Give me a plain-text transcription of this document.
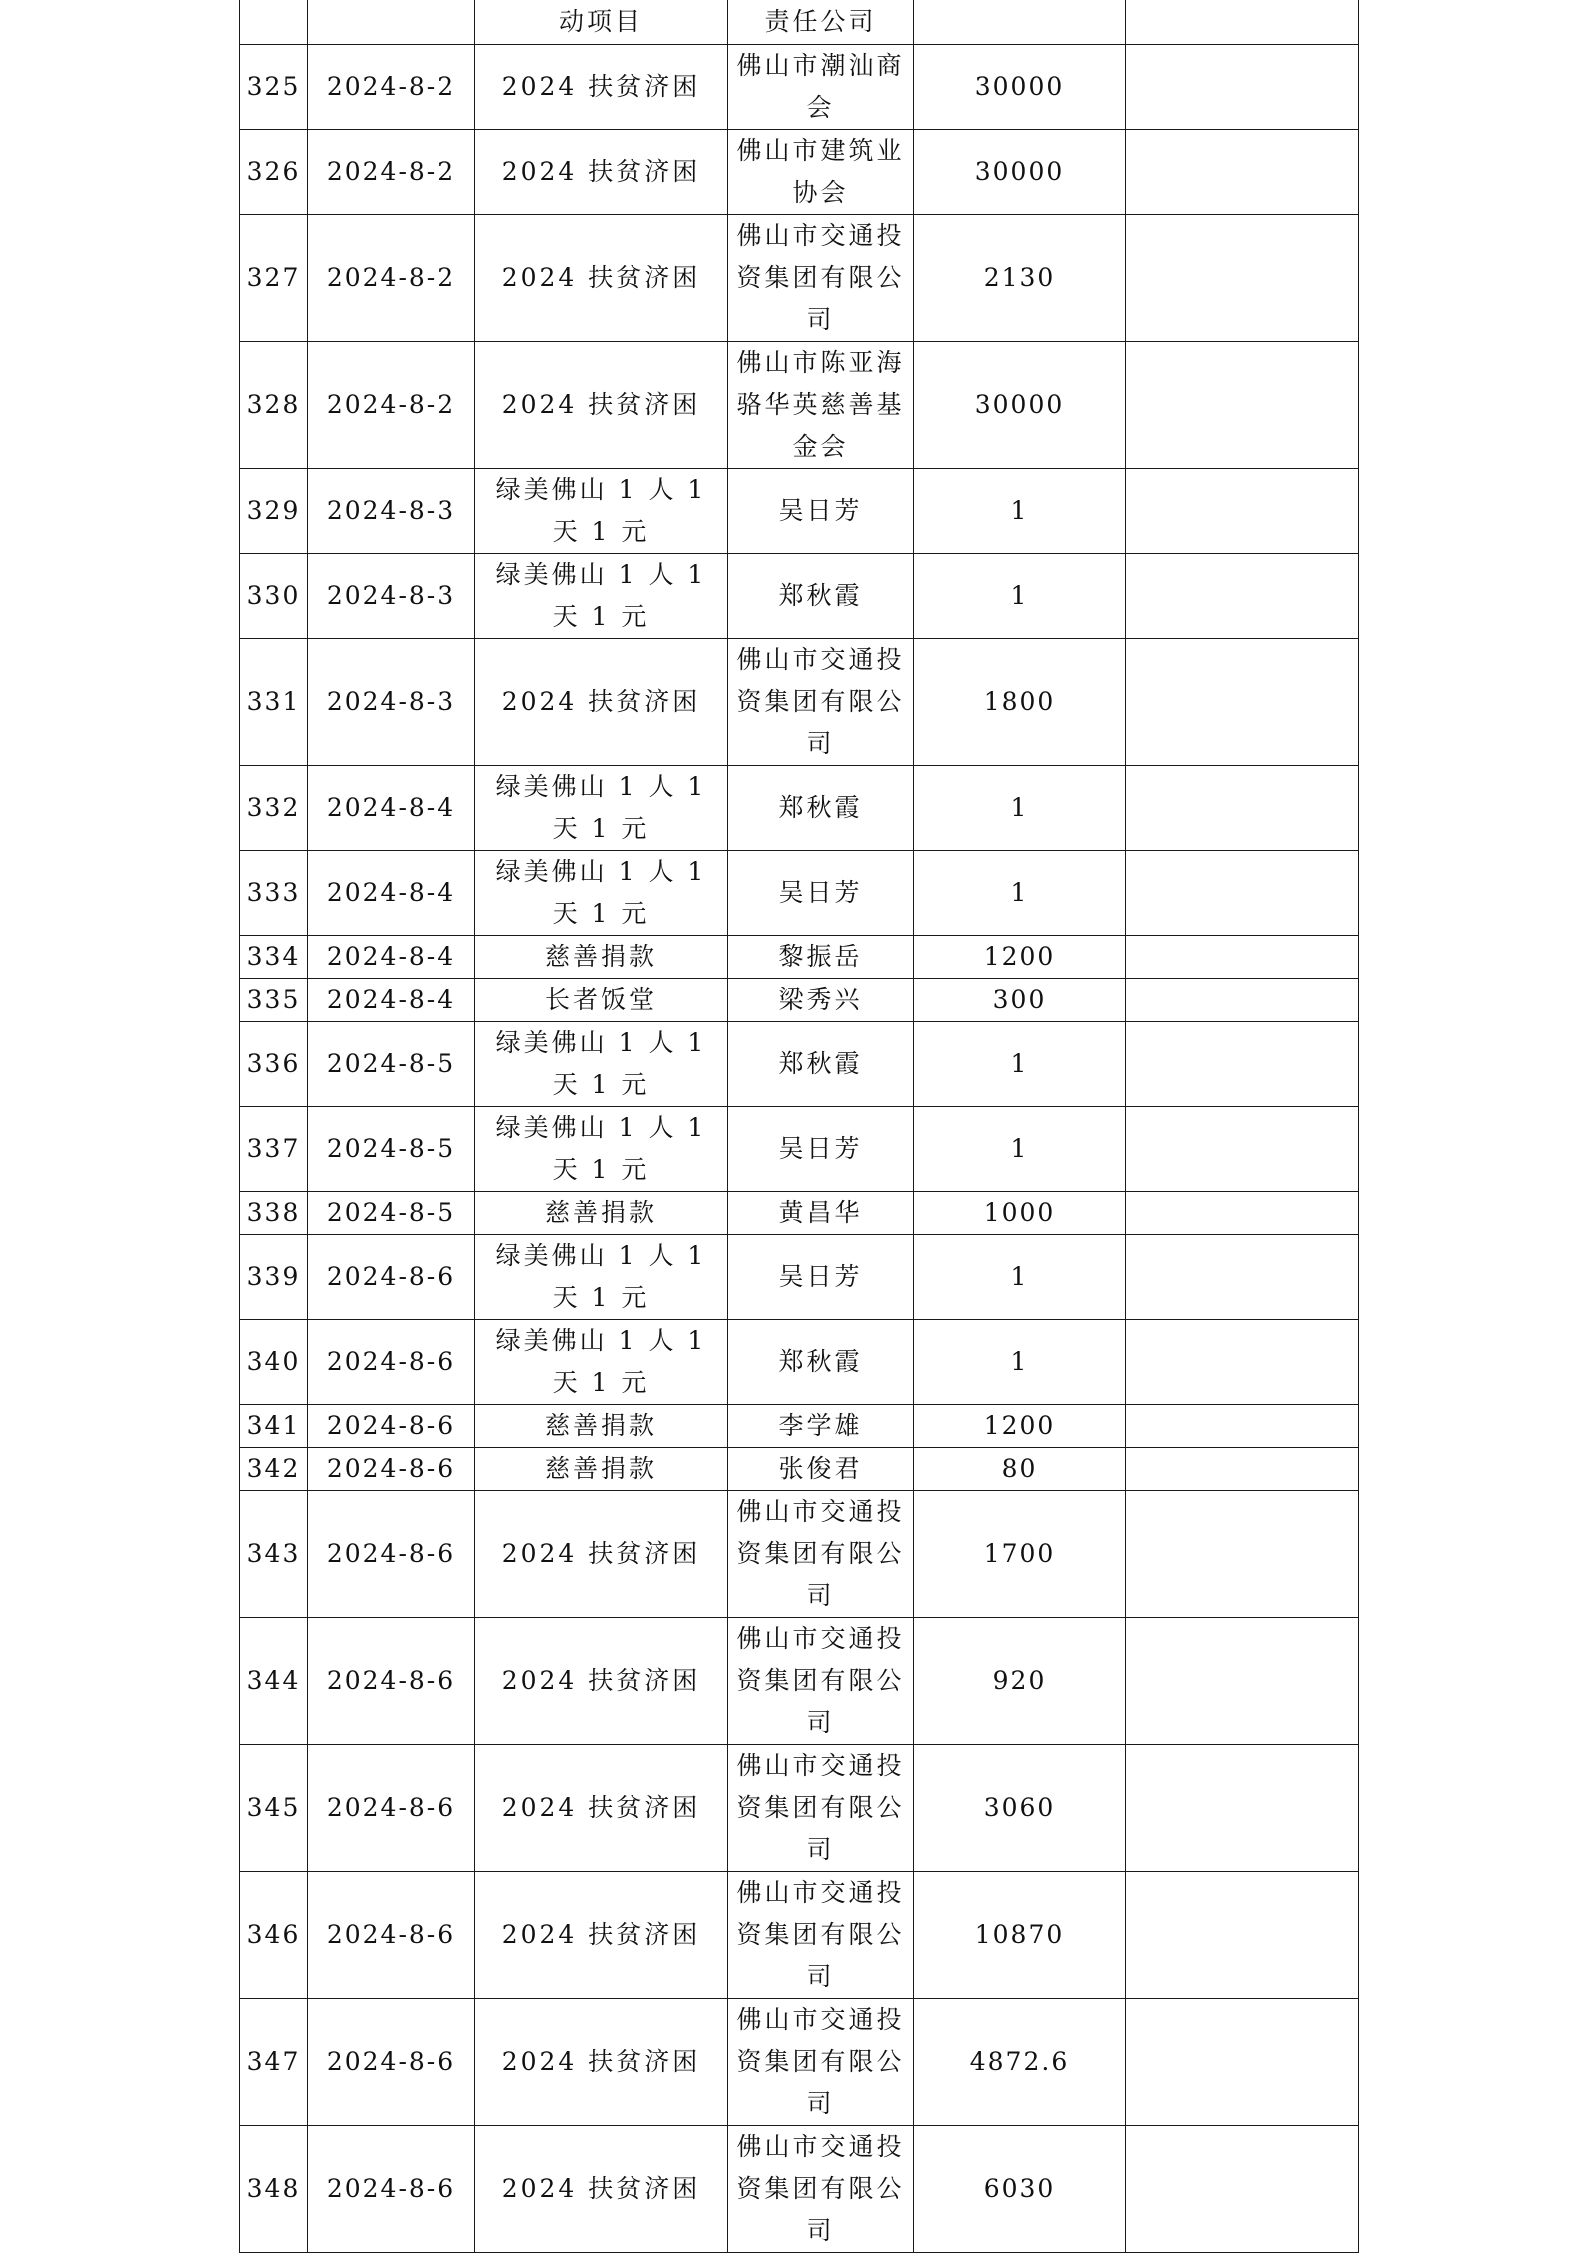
		动项目	责任公司		
325	2024-8-2	2024 扶贫济困	佛山市潮汕商会	30000	
326	2024-8-2	2024 扶贫济困	佛山市建筑业协会	30000	
327	2024-8-2	2024 扶贫济困	佛山市交通投资集团有限公司	2130	
328	2024-8-2	2024 扶贫济困	佛山市陈亚海骆华英慈善基金会	30000	
329	2024-8-3	绿美佛山 1 人 1 天 1 元	吴日芳	1	
330	2024-8-3	绿美佛山 1 人 1 天 1 元	郑秋霞	1	
331	2024-8-3	2024 扶贫济困	佛山市交通投资集团有限公司	1800	
332	2024-8-4	绿美佛山 1 人 1 天 1 元	郑秋霞	1	
333	2024-8-4	绿美佛山 1 人 1 天 1 元	吴日芳	1	
334	2024-8-4	慈善捐款	黎振岳	1200	
335	2024-8-4	长者饭堂	梁秀兴	300	
336	2024-8-5	绿美佛山 1 人 1 天 1 元	郑秋霞	1	
337	2024-8-5	绿美佛山 1 人 1 天 1 元	吴日芳	1	
338	2024-8-5	慈善捐款	黄昌华	1000	
339	2024-8-6	绿美佛山 1 人 1 天 1 元	吴日芳	1	
340	2024-8-6	绿美佛山 1 人 1 天 1 元	郑秋霞	1	
341	2024-8-6	慈善捐款	李学雄	1200	
342	2024-8-6	慈善捐款	张俊君	80	
343	2024-8-6	2024 扶贫济困	佛山市交通投资集团有限公司	1700	
344	2024-8-6	2024 扶贫济困	佛山市交通投资集团有限公司	920	
345	2024-8-6	2024 扶贫济困	佛山市交通投资集团有限公司	3060	
346	2024-8-6	2024 扶贫济困	佛山市交通投资集团有限公司	10870	
347	2024-8-6	2024 扶贫济困	佛山市交通投资集团有限公司	4872.6	
348	2024-8-6	2024 扶贫济困	佛山市交通投资集团有限公司	6030	
